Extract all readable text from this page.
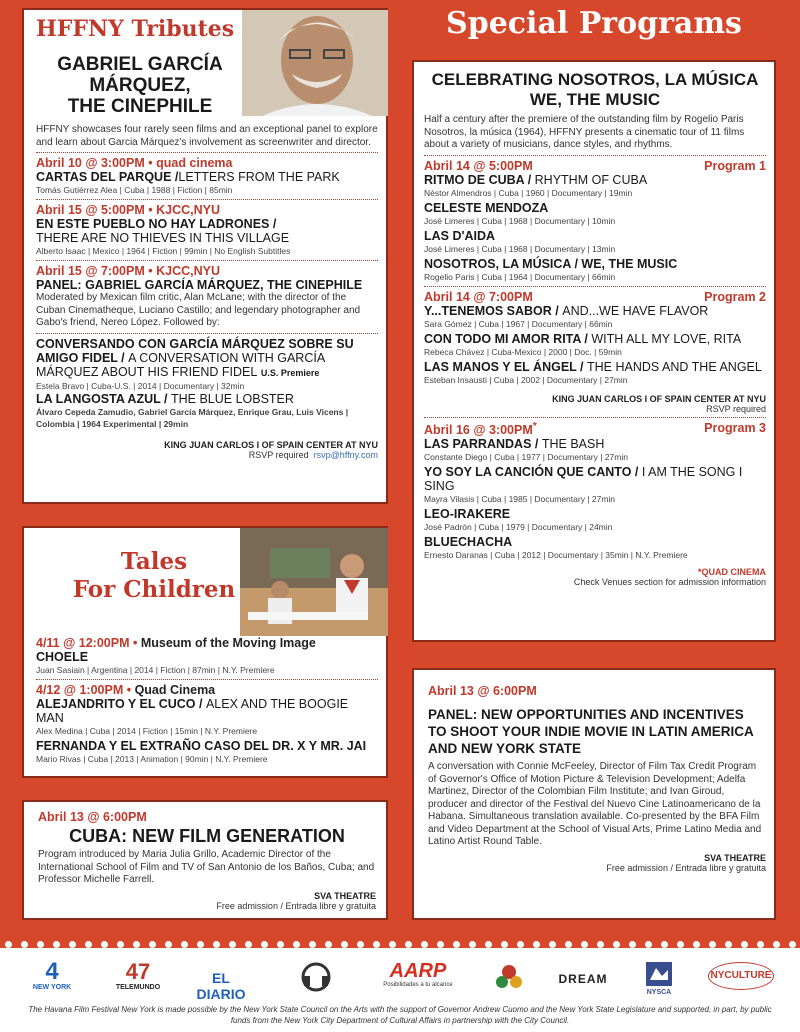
HFFNY Tributes
GABRIEL GARCÍA
MÁRQUEZ,
THE CINEPHILE
HFFNY showcases four rarely seen films and an exceptional panel to explore and learn about Garcia Márquez's involvement as screenwriter and director.
Abril 10 @ 3:00PM • quad cinema
CARTAS DEL PARQUE /LETTERS FROM THE PARK
Tomás Gutiérrez Alea | Cuba | 1988 | Fiction | 85min
Abril 15 @ 5:00PM • KJCC,NYU
EN ESTE PUEBLO NO HAY LADRONES /
THERE ARE NO THIEVES IN THIS VILLAGE
Alberto Isaac | Mexico | 1964 | Fiction | 99min | No English Subtitles
Abril 15 @ 7:00PM • KJCC,NYU
PANEL: GABRIEL GARCÍA MÁRQUEZ, THE CINEPHILE
Moderated by Mexican film critic, Alan McLane; with the director of the Cuban Cinematheque, Luciano Castillo; and legendary photographer and Gabo's friend, Nereo López. Followed by:
CONVERSANDO CON GARCÍA MÁRQUEZ SOBRE SU AMIGO FIDEL / A CONVERSATION WITH GARCÍA MÁRQUEZ ABOUT HIS FRIEND FIDEL U.S. Premiere
Estela Bravo | Cuba-U.S. | 2014 | Documentary | 32min
LA LANGOSTA AZUL / THE BLUE LOBSTER
Álvaro Cepeda Zamudio, Gabriel García Márquez, Enrique Grau, Luis Vicens | Colombia | 1964 Experimental | 29min
KING JUAN CARLOS I OF SPAIN CENTER AT NYU
RSVP required rsvp@hffny.com
Tales
For Children
4/11 @ 12:00PM • Museum of the Moving Image
CHOELE
Juan Sasiain | Argentina | 2014 | Fiction | 87min | N.Y. Premiere
4/12 @ 1:00PM • Quad Cinema
ALEJANDRITO Y EL CUCO / ALEX AND THE BOOGIE MAN
Alex Medina | Cuba | 2014 | Fiction | 15min | N.Y. Premiere
FERNANDA Y EL EXTRAÑO CASO DEL DR. X Y MR. JAI
Mario Rivas | Cuba | 2013 | Animation | 90min | N.Y. Premiere
Abril 13 @ 6:00PM
CUBA: NEW FILM GENERATION
Program introduced by Maria Julia Grillo, Academic Director of the International School of Film and TV of San Antonio de los Baños, Cuba; and Professor Michelle Farrell.
SVA THEATRE
Free admission / Entrada libre y gratuita
Special Programs
CELEBRATING NOSOTROS, LA MÚSICA
WE, THE MUSIC
Half a century after the premiere of the outstanding film by Rogelio Paris Nosotros, la música (1964), HFFNY presents a cinematic tour of 11 films about a variety of musicians, dance styles, and rhythms.
Abril 14 @ 5:00PM	Program 1
RITMO DE CUBA / RHYTHM OF CUBA
Néstor Almendros | Cuba | 1960 | Documentary | 19min
CELESTE MENDOZA
José Limeres | Cuba | 1968 | Documentary | 10min
LAS D'AIDA
José Limeres | Cuba | 1968 | Documentary | 13min
NOSOTROS, LA MÚSICA / WE, THE MUSIC
Rogelio Paris | Cuba | 1964 | Documentary | 66min
Abril 14 @ 7:00PM	Program 2
Y...TENEMOS SABOR / AND...WE HAVE FLAVOR
Sara Gómez | Cuba | 1967 | Documentary | 66min
CON TODO MI AMOR RITA / WITH ALL MY LOVE, RITA
Rebeca Chávez | Cuba-Mexico | 2000 | Doc. | 59min
LAS MANOS Y EL ÁNGEL / THE HANDS AND THE ANGEL
Esteban Insausti | Cuba | 2002 | Documentary | 27min
KING JUAN CARLOS I OF SPAIN CENTER AT NYU
RSVP required
Abril 16 @ 3:00PM*	Program 3
LAS PARRANDAS / THE BASH
Constante Diego | Cuba | 1977 | Documentary | 27min
YO SOY LA CANCIÓN QUE CANTO / I AM THE SONG I SING
Mayra Vilasis | Cuba | 1985 | Documentary | 27min
LEO-IRAKERE
José Padrón | Cuba | 1979 | Documentary | 24min
BLUECHACHA
Ernesto Daranas | Cuba | 2012 | Documentary | 35min | N.Y. Premiere
*QUAD CINEMA
Check Venues section for admission information
Abril 13 @ 6:00PM
PANEL: NEW OPPORTUNITIES AND INCENTIVES TO SHOOT YOUR INDIE MOVIE IN LATIN AMERICA AND NEW YORK STATE
A conversation with Connie McFeeley, Director of Film Tax Credit Program of Governor's Office of Motion Picture & Television Development; Adelfa Martinez, Director of the Colombian Film Institute; and Ivan Giroud, producer and director of the Festival del Nuevo Cine Latinoamericano de la Habana. Simultaneous translation available. Co-presented by the BFA Film and Video Department at the School of Visual Arts, Prime Latino Media and Latino Artist Round Table.
SVA THEATRE
Free admission / Entrada libre y gratuita
4
NEW YORK
47
TELEMUNDO
EL DIARIO
AARP
Posibilidades a tu alcance	DREAM
NYSCA
NYCULTURE
The Havana Film Festival New York is made possible by the New York State Council on the Arts with the support of Governor Andrew Cuomo and the New York State Legislature and supported, in part, by public funds from the New York City Department of Cultural Affairs in partnership with the City Council.
